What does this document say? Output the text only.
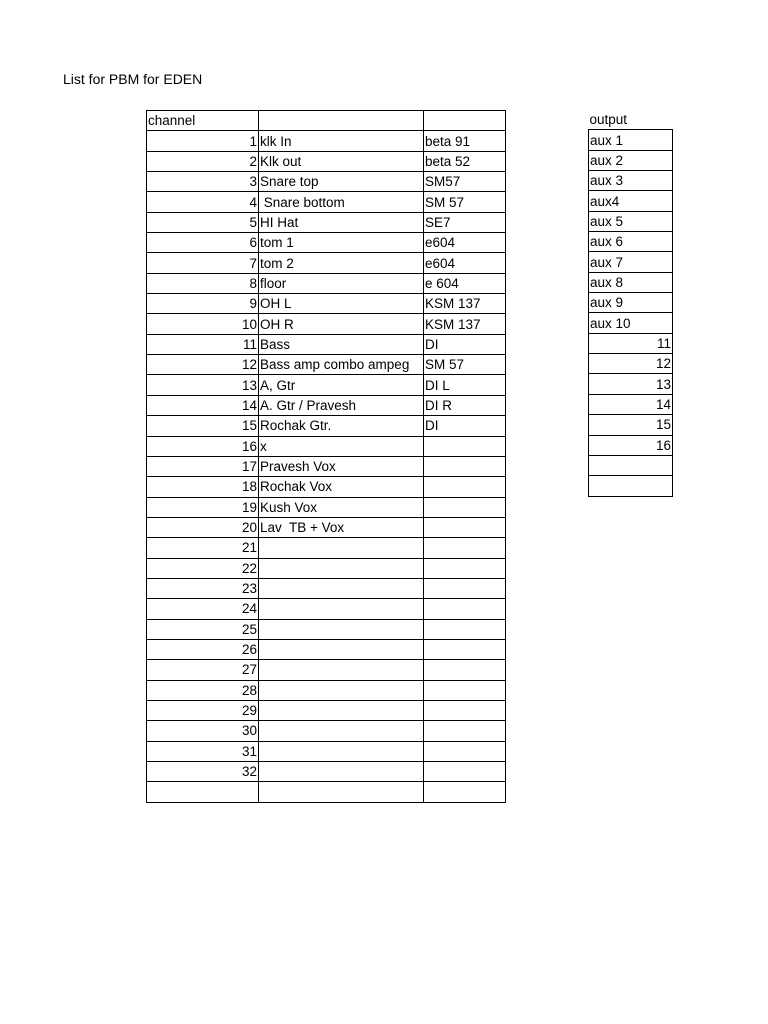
List for PBM for EDEN
channel		
1	klk In	beta 91
2	Klk out	beta 52
3	Snare top	SM57
4	Snare bottom	SM 57
5	HI Hat	SE7
6	tom 1	e604
7	tom 2	e604
8	floor	e 604
9	OH L	KSM 137
10	OH R	KSM 137
11	Bass	DI
12	Bass amp combo ampeg	SM 57
13	A, Gtr	DI L
14	A. Gtr / Pravesh	DI R
15	Rochak Gtr.	DI
16	x	
17	Pravesh Vox	
18	Rochak Vox	
19	Kush Vox	
20	Lav  TB + Vox	
21		
22		
23		
24		
25		
26		
27		
28		
29		
30		
31		
32		

output
aux 1
aux 2
aux 3
aux4
aux 5
aux 6
aux 7
aux 8
aux 9
aux 10
11
12
13
14
15
16
